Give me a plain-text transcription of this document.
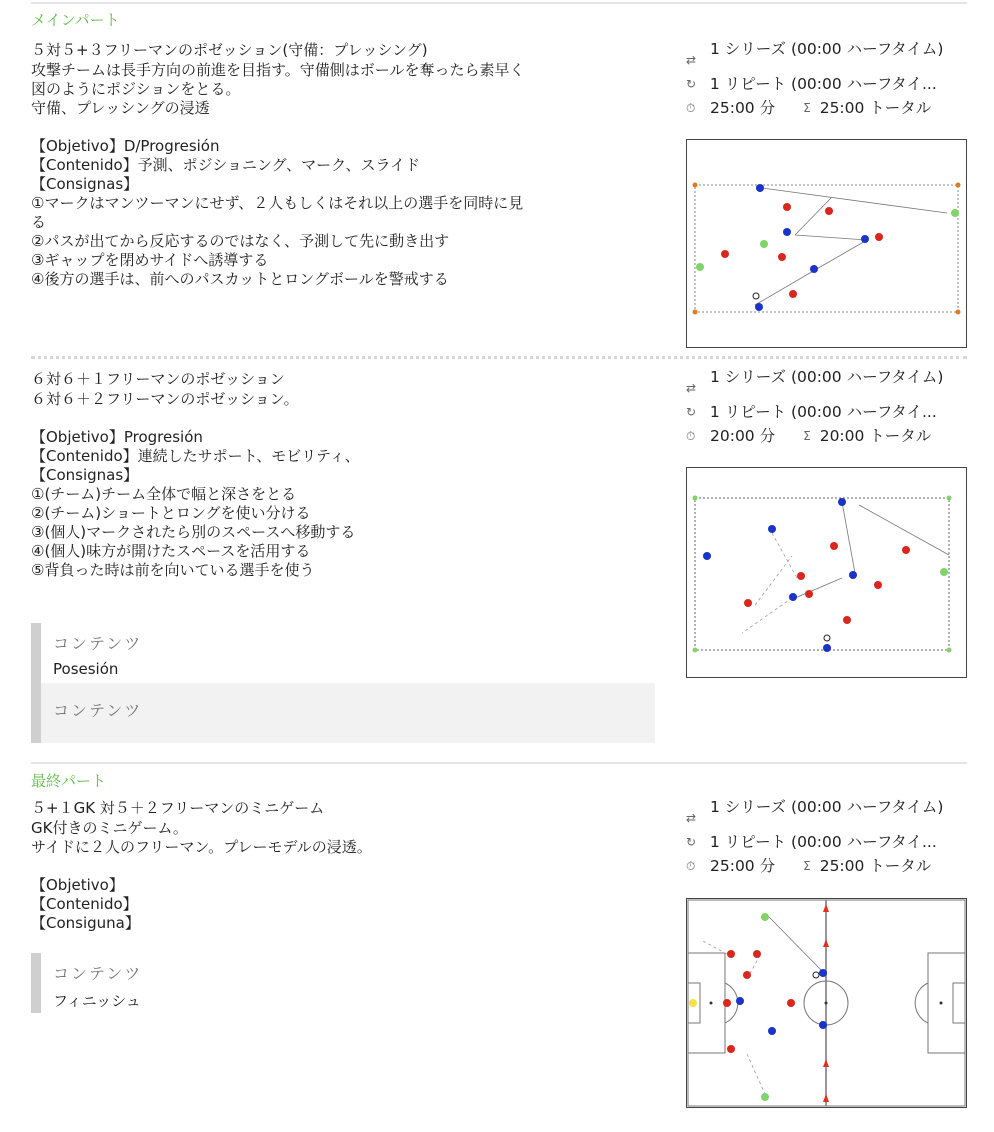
メインパート
５対５+３フリーマンのポゼッション(守備：プレッシング)
攻撃チームは長手方向の前進を目指す。守備側はボールを奪ったら素早く
図のようにポジションをとる。
守備、プレッシングの浸透
【Objetivo】D/Progresión
【Contenido】予測、ポジショニング、マーク、スライド
【Consignas】
①マークはマンツーマンにせず、２人もしくはそれ以上の選手を同時に見
る
②パスが出てから反応するのではなく、予測して先に動き出す
③ギャップを閉めサイドへ誘導する
④後方の選手は、前へのパスカットとロングボールを警戒する
⇄
1 シリーズ (00:00 ハーフタイム)
↻ 1 リピート (00:00 ハーフタイ...
⏱ 25:00 分 Σ 25:00 トータル
６対６＋１フリーマンのポゼッション
６対６＋２フリーマンのポゼッション。
【Objetivo】Progresión
【Contenido】連続したサポート、モビリティ、
【Consignas】
①(チーム)チーム全体で幅と深さをとる
②(チーム)ショートとロングを使い分ける
③(個人)マークされたら別のスペースへ移動する
④(個人)味方が開けたスペースを活用する
⑤背負った時は前を向いている選手を使う
⇄
1 シリーズ (00:00 ハーフタイム)
↻ 1 リピート (00:00 ハーフタイ...
⏱ 20:00 分 Σ 20:00 トータル
コンテンツ
Posesión
コンテンツ
最終パート
５+１GK 対５＋２フリーマンのミニゲーム
GK付きのミニゲーム。
サイドに２人のフリーマン。プレーモデルの浸透。
【Objetivo】
【Contenido】
【Consiguna】
コンテンツ
フィニッシュ
⇄
1 シリーズ (00:00 ハーフタイム)
↻ 1 リピート (00:00 ハーフタイ...
⏱ 25:00 分 Σ 25:00 トータル
